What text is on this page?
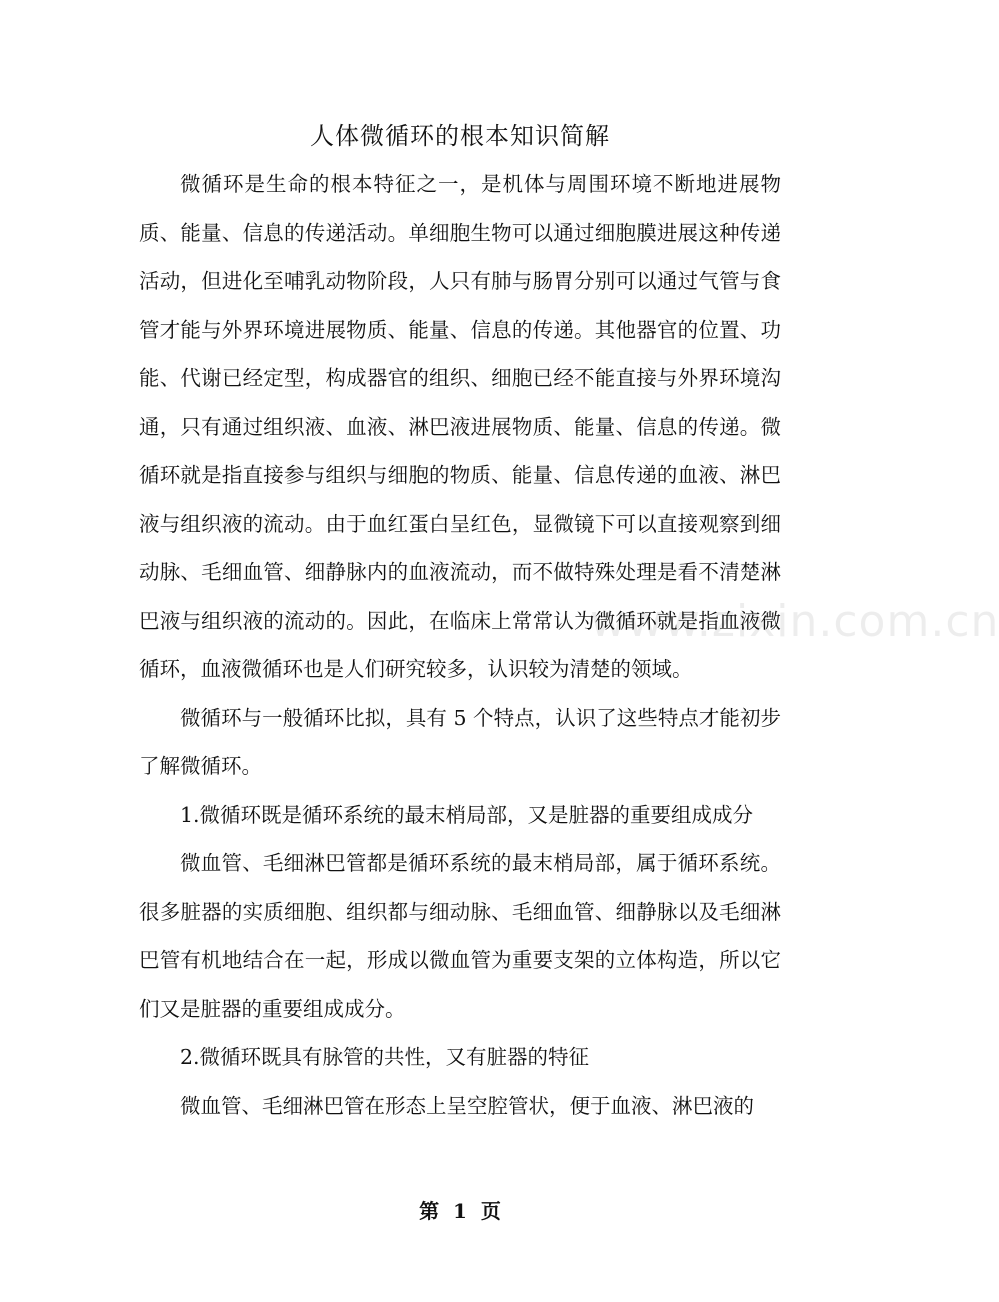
人体微循环的根本知识简解

微循环是生命的根本特征之一，是机体与周围环境不断地进展物质、能量、信息的传递活动。单细胞生物可以通过细胞膜进展这种传递活动，但进化至哺乳动物阶段，人只有肺与肠胃分别可以通过气管与食管才能与外界环境进展物质、能量、信息的传递。其他器官的位置、功能、代谢已经定型，构成器官的组织、细胞已经不能直接与外界环境沟通，只有通过组织液、血液、淋巴液进展物质、能量、信息的传递。微循环就是指直接参与组织与细胞的物质、能量、信息传递的血液、淋巴液与组织液的流动。由于血红蛋白呈红色，显微镜下可以直接观察到细动脉、毛细血管、细静脉内的血液流动，而不做特殊处理是看不清楚淋巴液与组织液的流动的。因此，在临床上常常认为微循环就是指血液微循环，血液微循环也是人们研究较多，认识较为清楚的领域。

微循环与一般循环比拟，具有 5 个特点，认识了这些特点才能初步了解微循环。

1.微循环既是循环系统的最末梢局部，又是脏器的重要组成成分

微血管、毛细淋巴管都是循环系统的最末梢局部，属于循环系统。很多脏器的实质细胞、组织都与细动脉、毛细血管、细静脉以及毛细淋巴管有机地结合在一起，形成以微血管为重要支架的立体构造，所以它们又是脏器的重要组成成分。

2.微循环既具有脉管的共性，又有脏器的特征

微血管、毛细淋巴管在形态上呈空腔管状，便于血液、淋巴液的

www.zixin.com.cn
第  1  页
